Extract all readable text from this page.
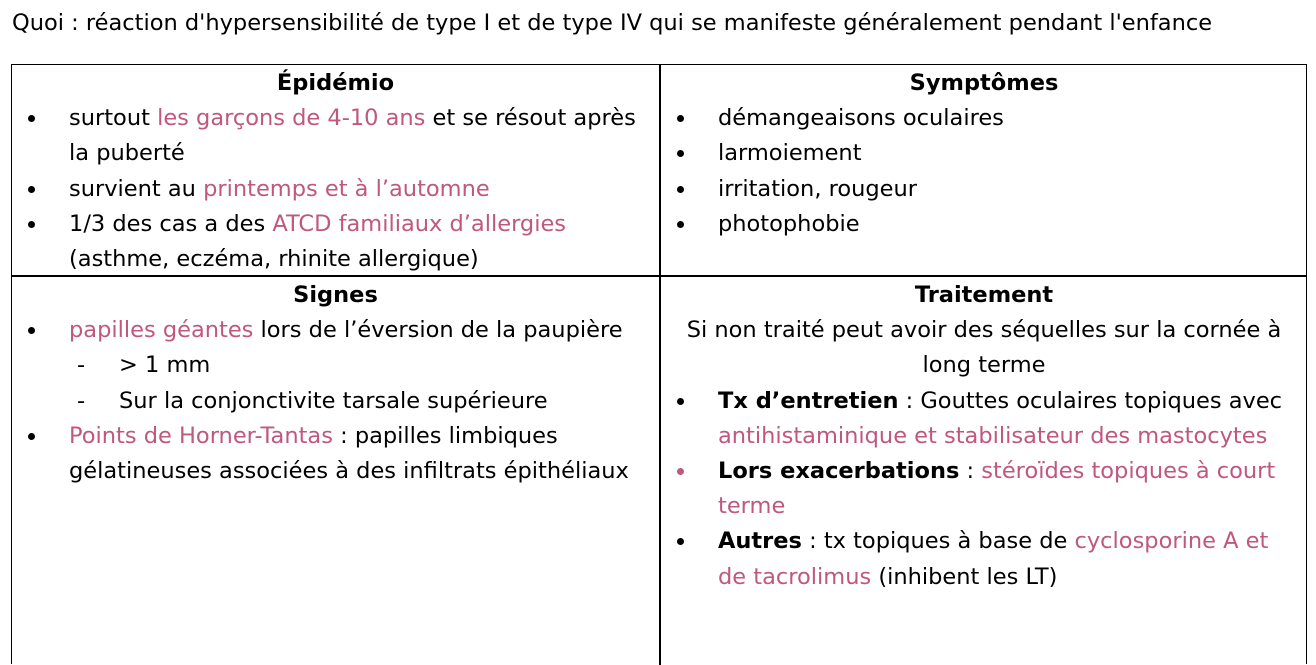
Quoi : réaction d'hypersensibilité de type I et de type IV qui se manifeste généralement pendant l'enfance
Épidémio
surtout les garçons de 4-10 ans et se résout après la puberté
survient au printemps et à l’automne
1/3 des cas a des ATCD familiaux d’allergies (asthme, eczéma, rhinite allergique)
Symptômes
démangeaisons oculaires
larmoiement
irritation, rougeur
photophobie
Signes
papilles géantes lors de l’éversion de la paupière
- > 1 mm
- Sur la conjonctivite tarsale supérieure
Points de Horner-Tantas : papilles limbiques gélatineuses associées à des infiltrats épithéliaux
Traitement
Si non traité peut avoir des séquelles sur la cornée à long terme
Tx d’entretien : Gouttes oculaires topiques avec antihistaminique et stabilisateur des mastocytes
Lors exacerbations : stéroïdes topiques à court terme
Autres : tx topiques à base de cyclosporine A et de tacrolimus (inhibent les LT)
